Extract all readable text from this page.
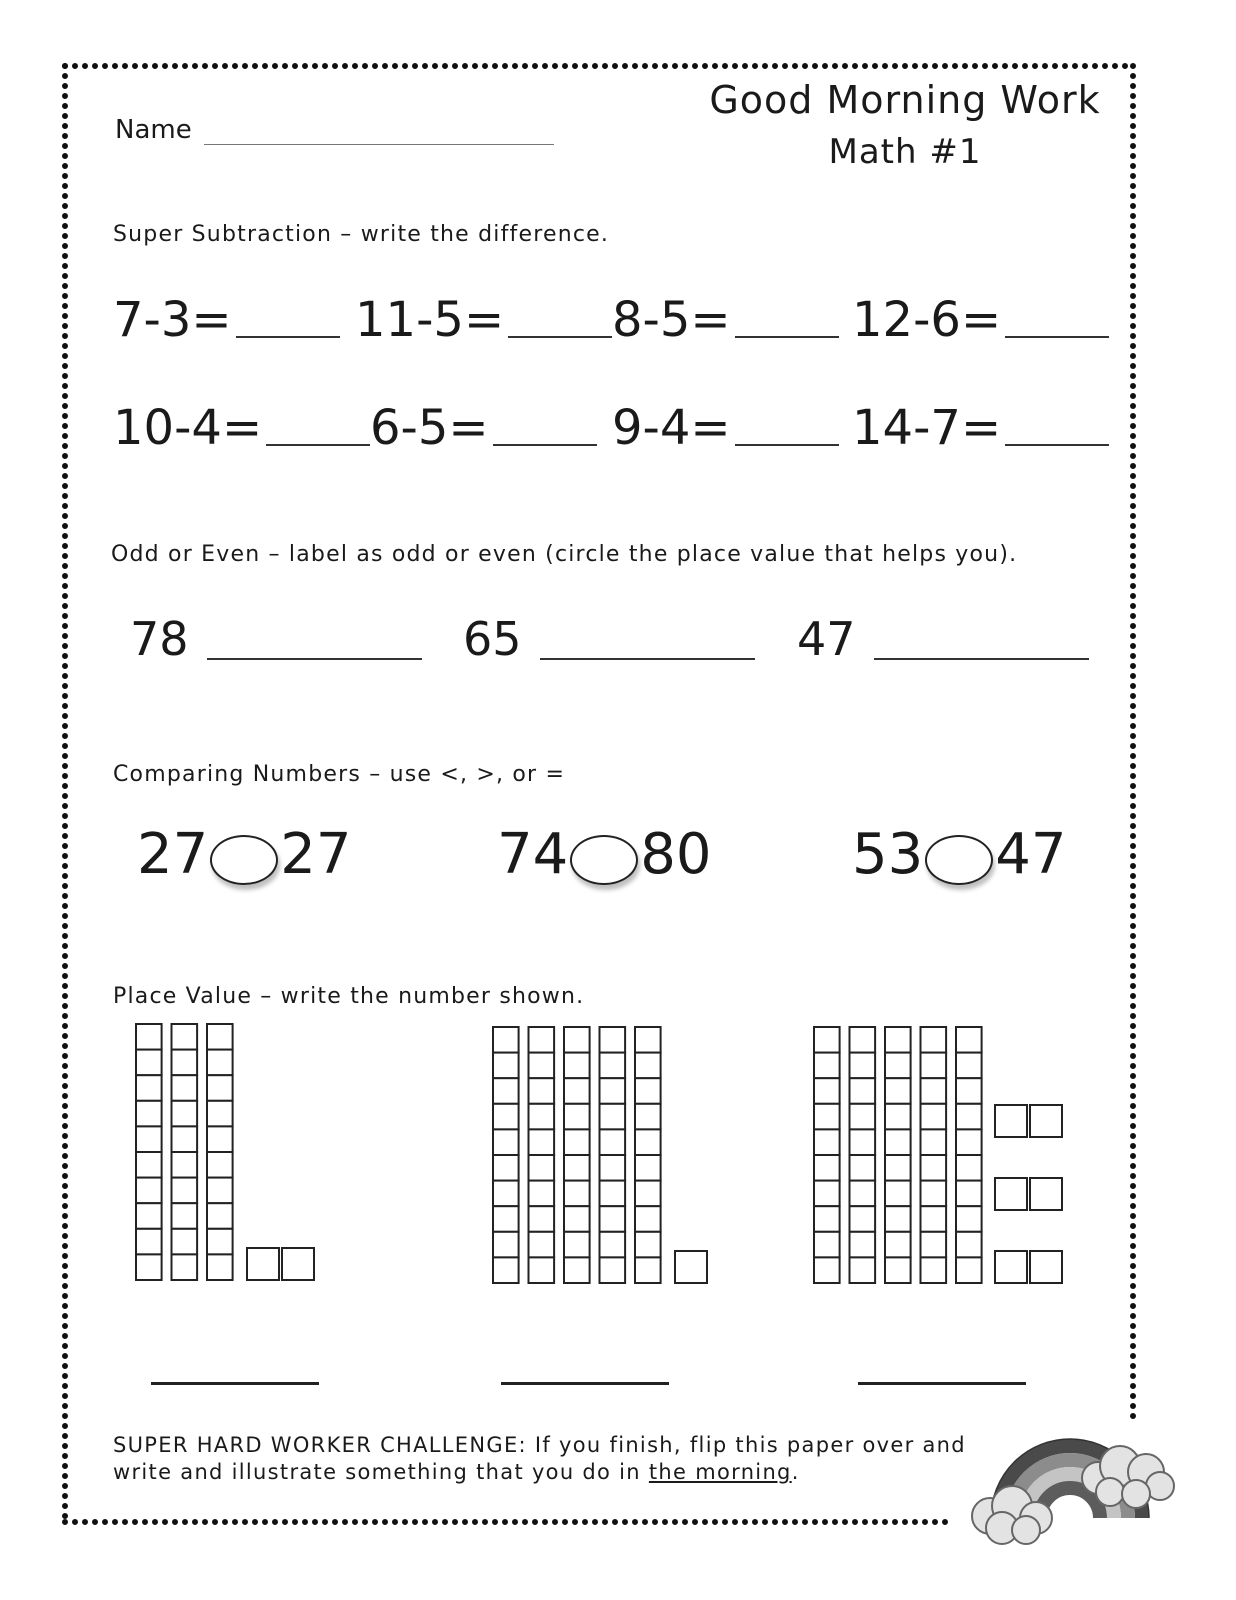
Name
Good Morning Work
Math #1
Super Subtraction – write the difference.
7-3=	11-5= 8-5=	12-6=
10-4= 6-5=	9-4=	14-7=
Odd or Even – label as odd or even (circle the place value that helps you).
78	65	47
Comparing Numbers – use <, >, or =
27 27	74 80	53 47
Place Value – write the number shown.
SUPER HARD WORKER CHALLENGE: If you finish, flip this paper over and write and illustrate something that you do in the morning.
